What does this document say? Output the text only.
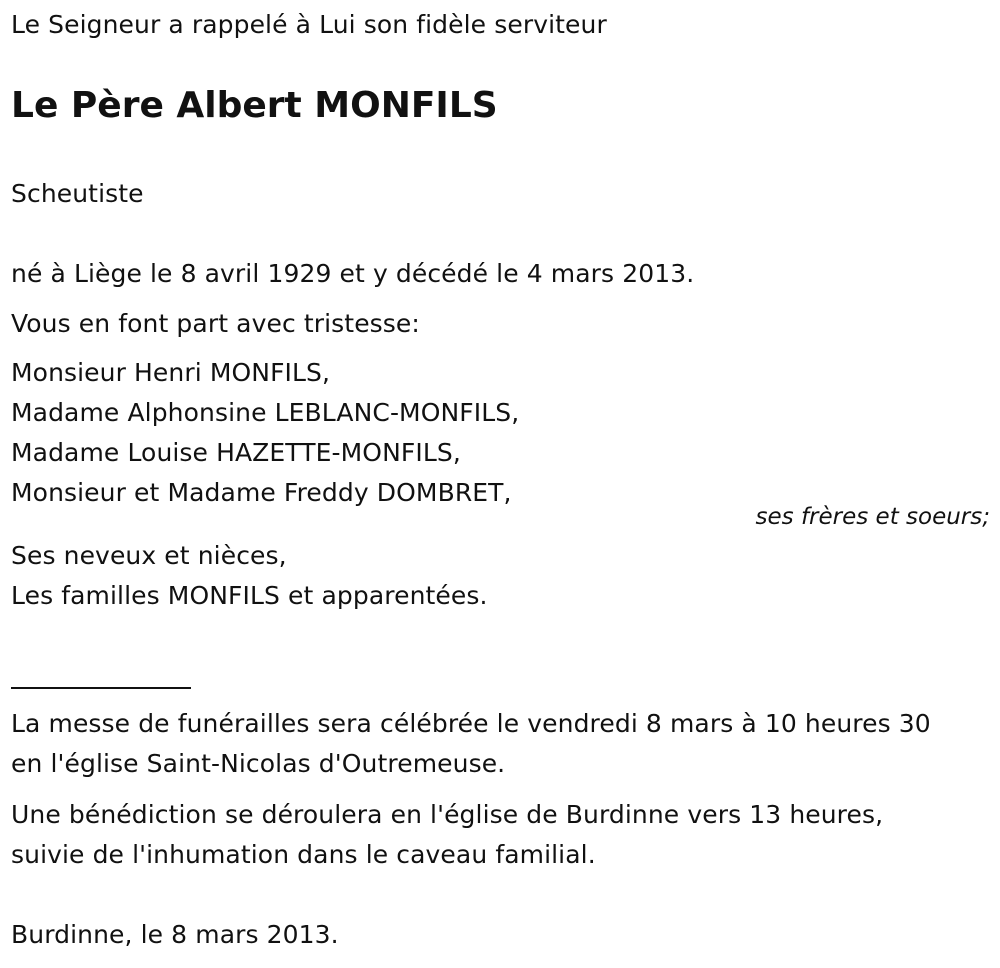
Le Seigneur a rappelé à Lui son fidèle serviteur
Le Père Albert MONFILS
Scheutiste
né à Liège le 8 avril 1929 et y décédé le 4 mars 2013.
Vous en font part avec tristesse:
Monsieur Henri MONFILS,
Madame Alphonsine LEBLANC-MONFILS,
Madame Louise HAZETTE-MONFILS,
Monsieur et Madame Freddy DOMBRET,
ses frères et soeurs;
Ses neveux et nièces,
Les familles MONFILS et apparentées.
La messe de funérailles sera célébrée le vendredi 8 mars à 10 heures 30
en l'église Saint-Nicolas d'Outremeuse.
Une bénédiction se déroulera en l'église de Burdinne vers 13 heures,
suivie de l'inhumation dans le caveau familial.
Burdinne, le 8 mars 2013.
